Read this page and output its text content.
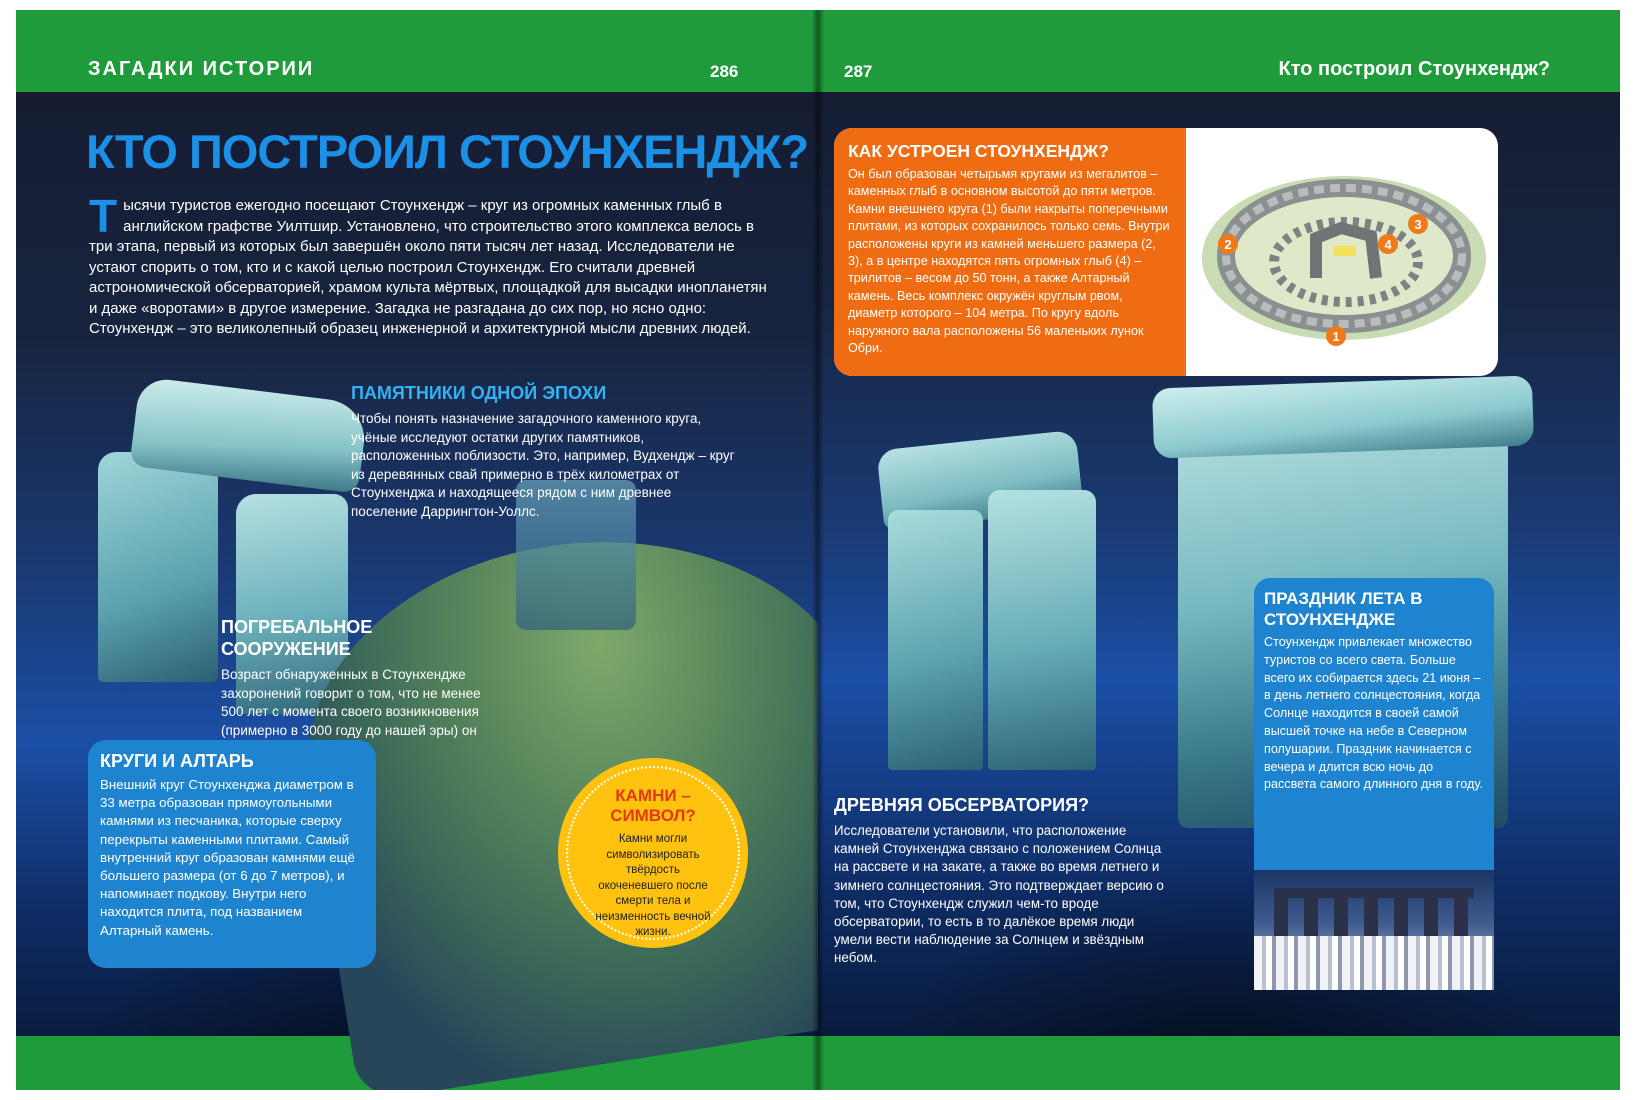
ЗАГАДКИ ИСТОРИИ	286
КТО ПОСТРОИЛ СТОУНХЕНДЖ?
Тысячи туристов ежегодно посещают Стоунхендж – круг из огромных каменных глыб в английском графстве Уилтшир. Установлено, что строительство этого комплекса велось в три этапа, первый из которых был завершён около пяти тысяч лет назад. Исследователи не устают спорить о том, кто и с какой целью построил Стоунхендж. Его считали древней астрономической обсерваторией, храмом культа мёртвых, площадкой для высадки инопланетян и даже «воротами» в другое измерение. Загадка не разгадана до сих пор, но ясно одно: Стоунхендж – это великолепный образец инженерной и архитектурной мысли древних людей.
ПАМЯТНИКИ ОДНОЙ ЭПОХИ
Чтобы понять назначение загадочного каменного круга, учёные исследуют остатки других памятников, расположенных поблизости. Это, например, Вудхендж – круг из деревянных свай примерно в трёх километрах от Стоунхенджа и находящееся рядом с ним древнее поселение Даррингтон-Уоллс.
ПОГРЕБАЛЬНОЕ СООРУЖЕНИЕ
Возраст обнаруженных в Стоунхендже захоронений говорит о том, что не менее 500 лет с момента своего возникновения (примерно в 3000 году до нашей эры) он
КРУГИ И АЛТАРЬ
Внешний круг Стоунхенджа диаметром в 33 метра образован прямоугольными камнями из песчаника, которые сверху перекрыты каменными плитами. Самый внутренний круг образован камнями ещё большего размера (от 6 до 7 метров), и напоминает подкову. Внутри него находится плита, под названием Алтарный камень.
КАМНИ – СИМВОЛ?
Камни могли символизировать твёрдость окоченевшего после смерти тела и неизменность вечной жизни.
287	Кто построил Стоунхендж?
КАК УСТРОЕН СТОУНХЕНДЖ?
Он был образован четырьмя кругами из мегалитов – каменных глыб в основном высотой до пяти метров. Камни внешнего круга (1) были накрыты поперечными плитами, из которых сохранилось только семь. Внутри расположены круги из камней меньшего размера (2, 3), а в центре находятся пять огромных глыб (4) – трилитов – весом до 50 тонн, а также Алтарный камень. Весь комплекс окружён круглым рвом, диаметр которого – 104 метра. По кругу вдоль наружного вала расположены 56 маленьких лунок Обри.
2
3
4
1
ПРАЗДНИК ЛЕТА В СТОУНХЕНДЖЕ
Стоунхендж привлекает множество туристов со всего света. Больше всего их собирается здесь 21 июня – в день летнего солнцестояния, когда Солнце находится в своей самой высшей точке на небе в Северном полушарии. Праздник начинается с вечера и длится всю ночь до рассвета самого длинного дня в году.
ДРЕВНЯЯ ОБСЕРВАТОРИЯ?
Исследователи установили, что расположение камней Стоунхенджа связано с положением Солнца на рассвете и на закате, а также во время летнего и зимнего солнцестояния. Это подтверждает версию о том, что Стоунхендж служил чем-то вроде обсерватории, то есть в то далёкое время люди умели вести наблюдение за Солнцем и звёздным небом.
